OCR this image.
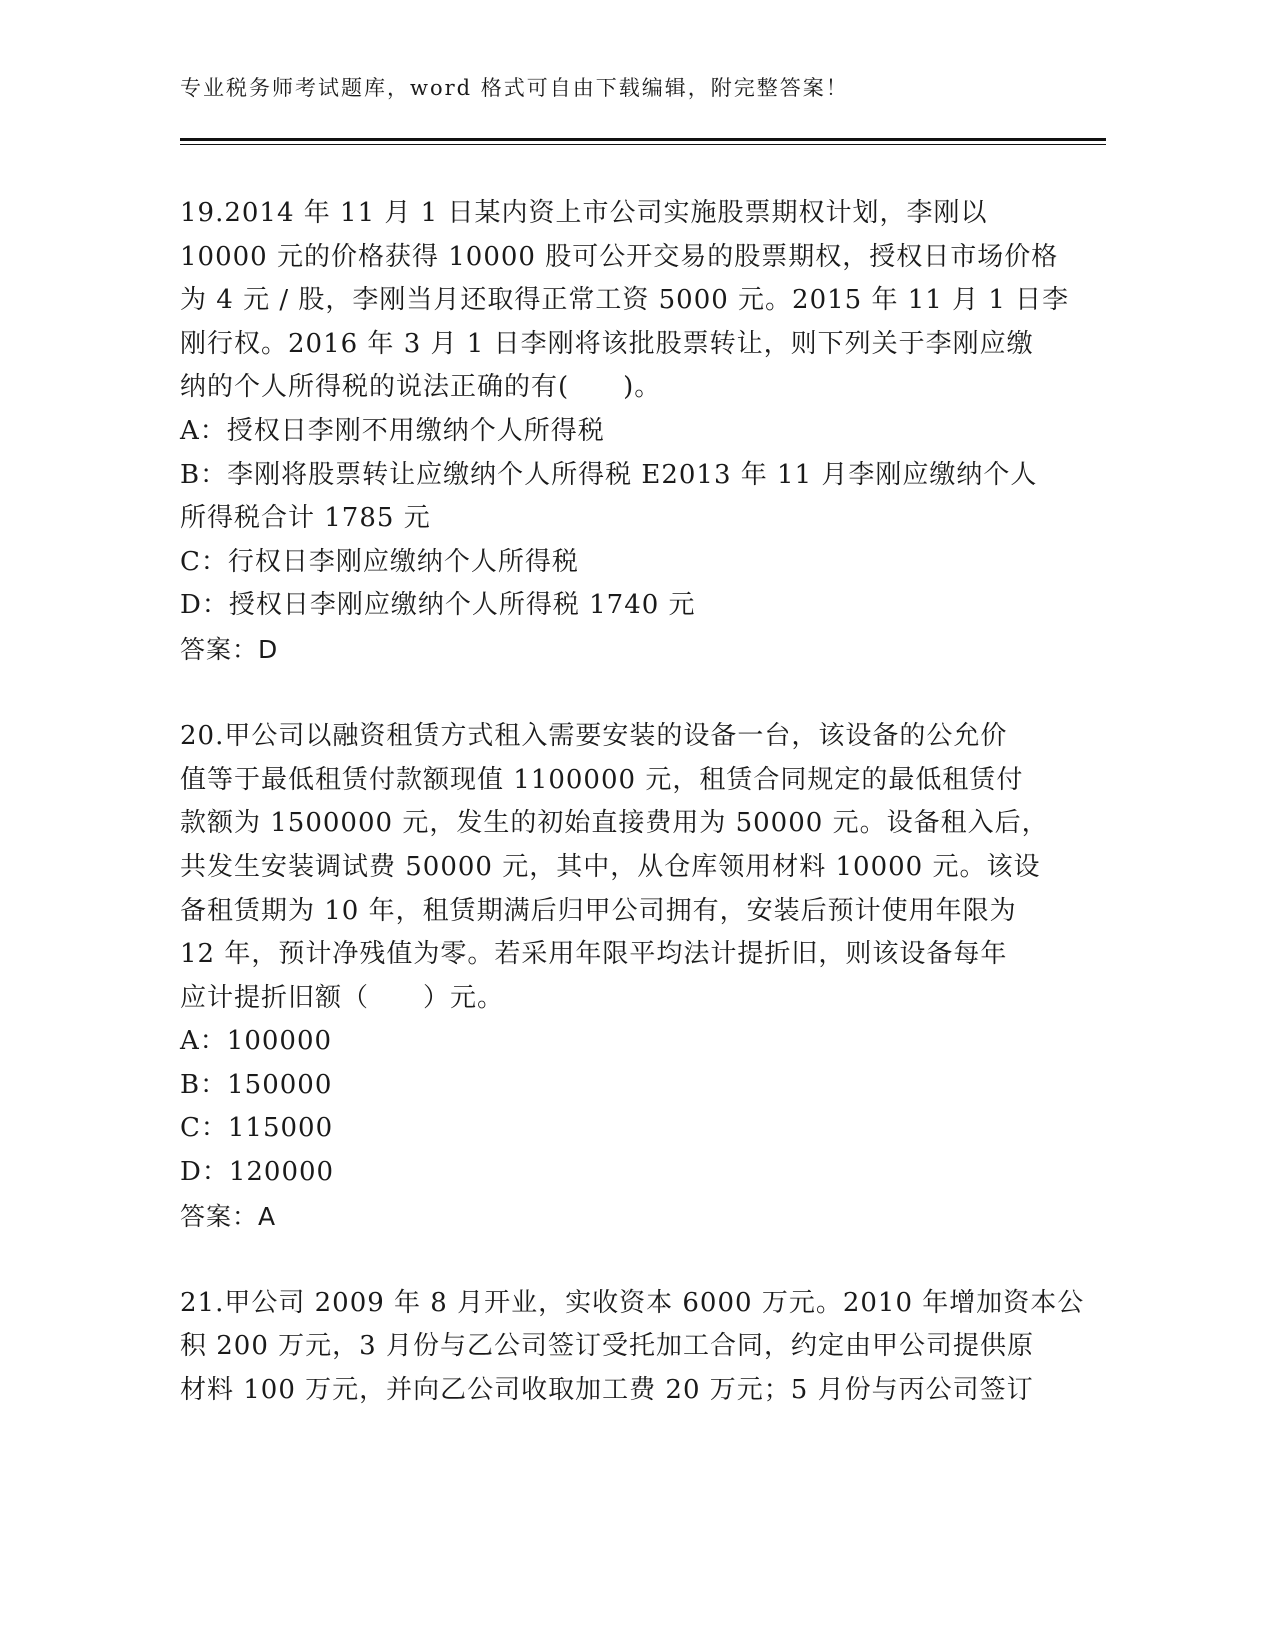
专业税务师考试题库，word 格式可自由下载编辑，附完整答案！
19.2014 年 11 月 1 日某内资上市公司实施股票期权计划，李刚以
10000 元的价格获得 10000 股可公开交易的股票期权，授权日市场价格
为 4 元 / 股，李刚当月还取得正常工资 5000 元。2015 年 11 月 1 日李
刚行权。2016 年 3 月 1 日李刚将该批股票转让，则下列关于李刚应缴
纳的个人所得税的说法正确的有(　　)。
A：授权日李刚不用缴纳个人所得税
B：李刚将股票转让应缴纳个人所得税 E2013 年 11 月李刚应缴纳个人
所得税合计 1785 元
C：行权日李刚应缴纳个人所得税
D：授权日李刚应缴纳个人所得税 1740 元
答案：D
20.甲公司以融资租赁方式租入需要安装的设备一台，该设备的公允价
值等于最低租赁付款额现值 1100000 元，租赁合同规定的最低租赁付
款额为 1500000 元，发生的初始直接费用为 50000 元。设备租入后，
共发生安装调试费 50000 元，其中，从仓库领用材料 10000 元。该设
备租赁期为 10 年，租赁期满后归甲公司拥有，安装后预计使用年限为
12 年，预计净残值为零。若采用年限平均法计提折旧，则该设备每年
应计提折旧额（　　）元。
A：100000
B：150000
C：115000
D：120000
答案：A
21.甲公司 2009 年 8 月开业，实收资本 6000 万元。2010 年增加资本公
积 200 万元，3 月份与乙公司签订受托加工合同，约定由甲公司提供原
材料 100 万元，并向乙公司收取加工费 20 万元；5 月份与丙公司签订
